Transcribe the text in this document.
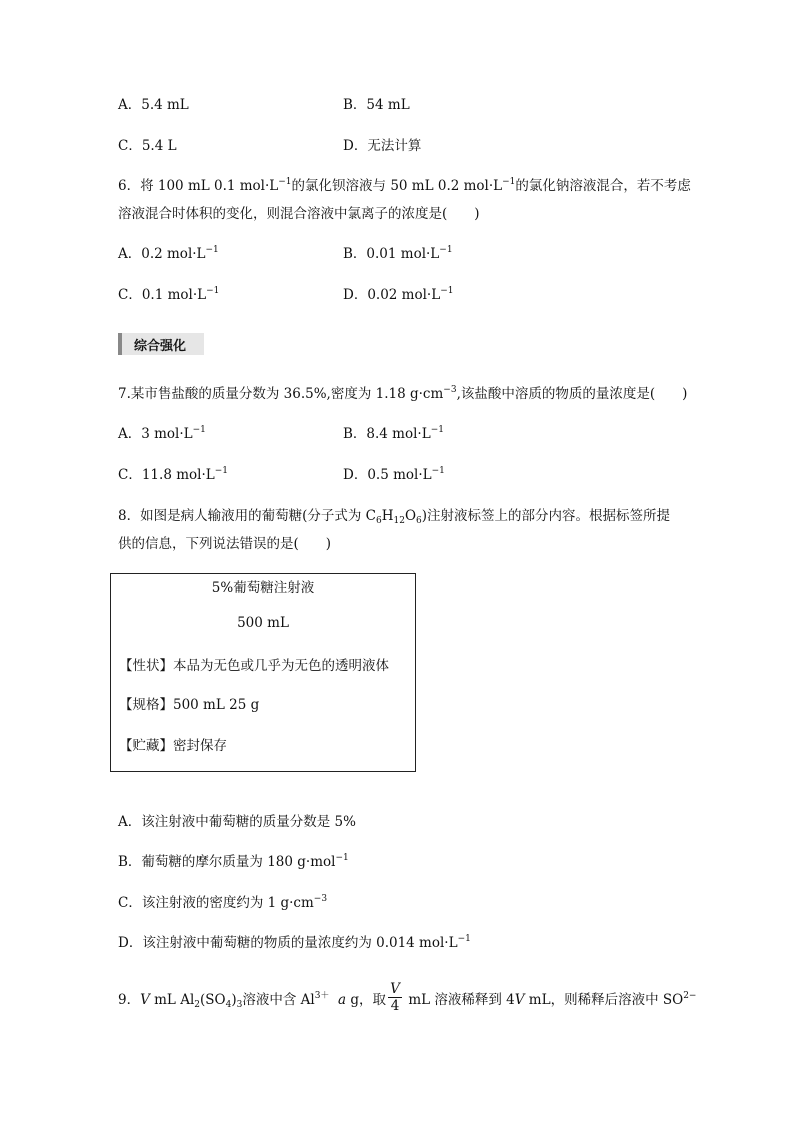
A．5.4 mL	B．54 mL
C．5.4 L	D．无法计算
6．将 100 mL 0.1 $mol\cdot L^{-1}$的氯化钡溶液与 50 mL 0.2 $mol\cdot L^{-1}$的氯化钠溶液混合，若不考虑
溶液混合时体积的变化，则混合溶液中氯离子的浓度是(　　)
A．0.2 $mol\cdot L^{-1}$	B．0.01 $mol\cdot L^{-1}$
C．0.1 $mol\cdot L^{-1}$	D．0.02 $mol\cdot L^{-1}$
综合强化
7.某市售盐酸的质量分数为 36.5%,密度为 1.18 $g\cdot cm^{-3}$,该盐酸中溶质的物质的量浓度是(　　)
A．3 $mol\cdot L^{-1}$	B．8.4 $mol\cdot L^{-1}$
C．11.8 $mol\cdot L^{-1}$	D．0.5 $mol\cdot L^{-1}$
8．如图是病人输液用的葡萄糖(分子式为 $C_6H_{12}O_6$)注射液标签上的部分内容。根据标签所提
供的信息，下列说法错误的是(　　)
5%葡萄糖注射液
500 mL
【性状】本品为无色或几乎为无色的透明液体
【规格】500 mL 25 g
【贮藏】密封保存
A．该注射液中葡萄糖的质量分数是 5%
B．葡萄糖的摩尔质量为 180 g·mol$^{-1}$
C．该注射液的密度约为 1 $g\cdot cm^{-3}$
D．该注射液中葡萄糖的物质的量浓度约为 0.014 $mol\cdot L^{-1}$
9．V mL $Al_2(SO_4)_3$溶液中含 $Al^{3+}$ a g，取 $\frac{V}{4}$ mL 溶液稀释到 4V mL，则稀释后溶液中 $SO^{2-}$
